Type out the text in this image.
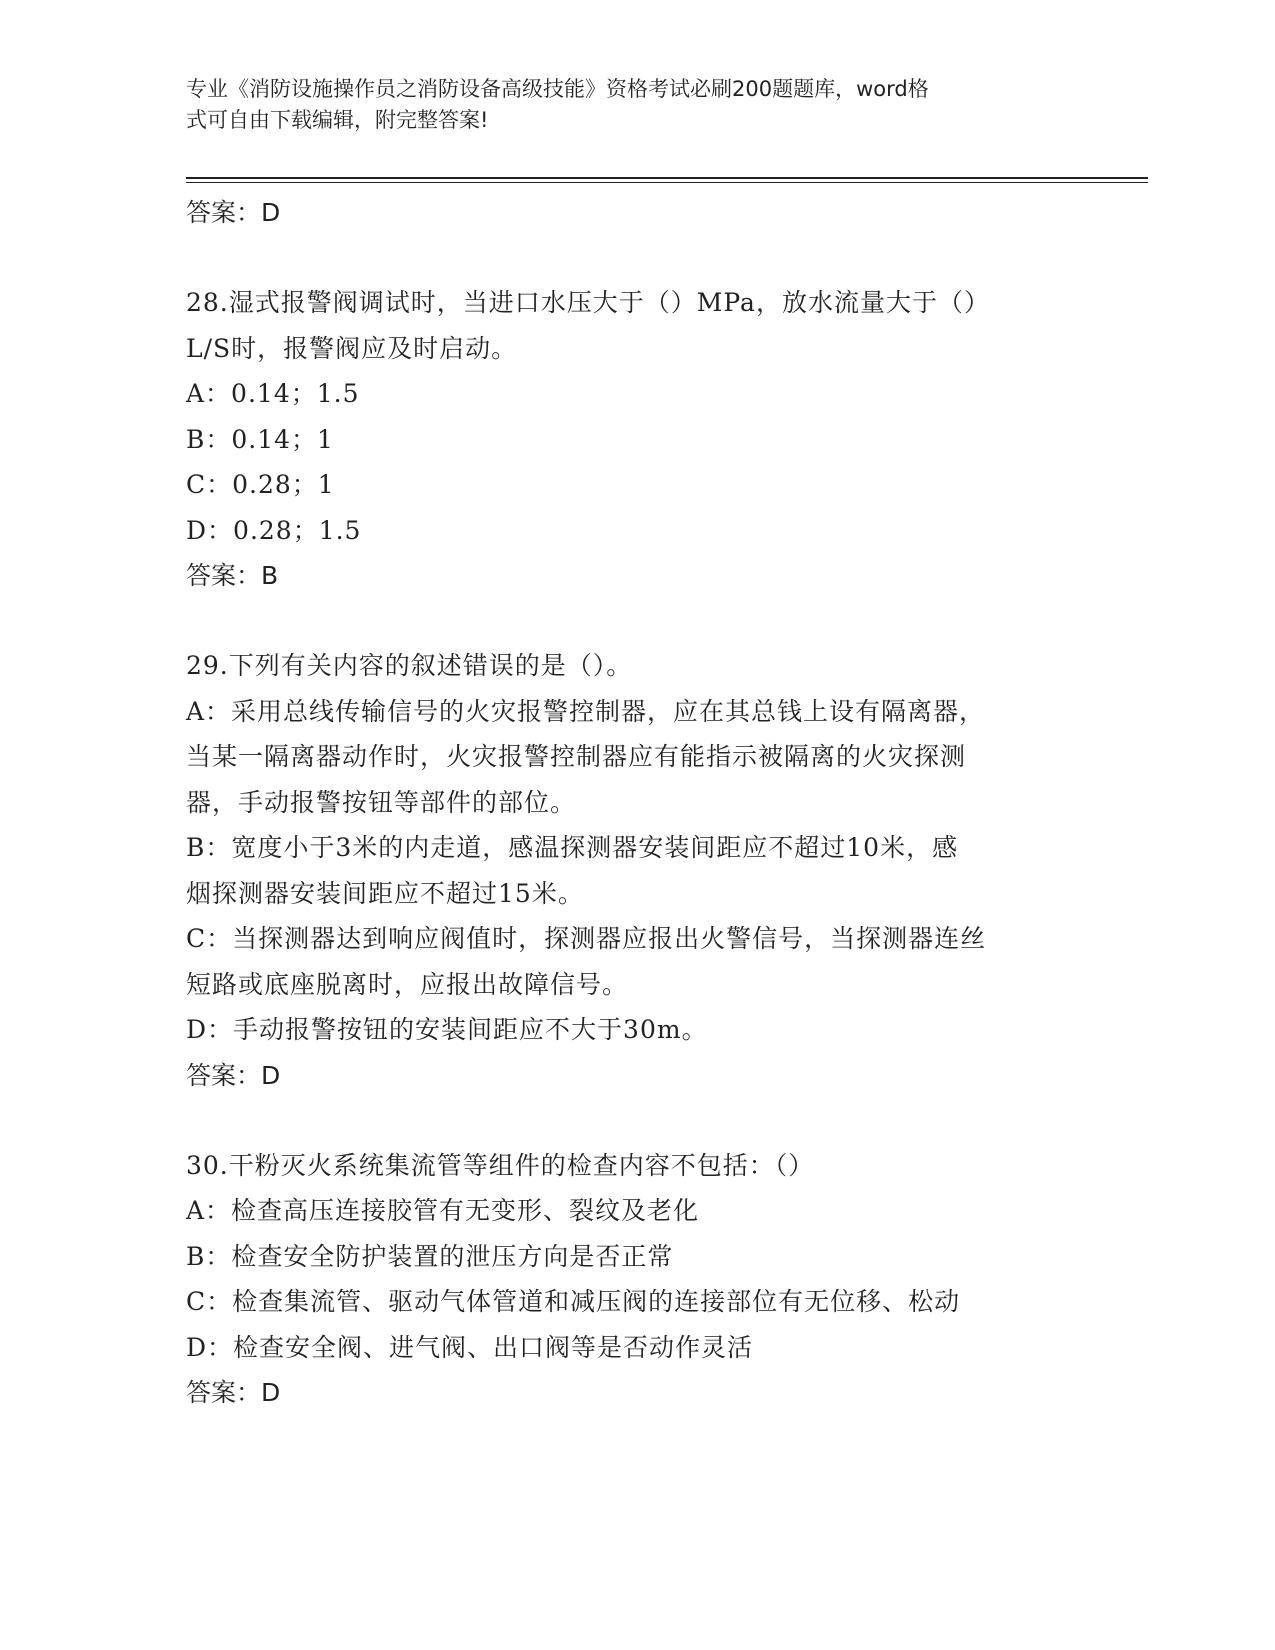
专业《消防设施操作员之消防设备高级技能》资格考试必刷200题题库，word格
式可自由下载编辑，附完整答案!
答案：D
28.湿式报警阀调试时，当进口水压大于（）MPa，放水流量大于（）
L/S时，报警阀应及时启动。
A：0.14；1.5
B：0.14；1
C：0.28；1
D：0.28；1.5
答案：B
29.下列有关内容的叙述错误的是（）。
A：采用总线传输信号的火灾报警控制器，应在其总钱上设有隔离器，
当某一隔离器动作时，火灾报警控制器应有能指示被隔离的火灾探测
器，手动报警按钮等部件的部位。
B：宽度小于3米的内走道，感温探测器安装间距应不超过10米，感
烟探测器安装间距应不超过15米。
C：当探测器达到响应阀值时，探测器应报出火警信号，当探测器连丝
短路或底座脱离时，应报出故障信号。
D：手动报警按钮的安装间距应不大于30m。
答案：D
30.干粉灭火系统集流管等组件的检查内容不包括：（）
A：检查高压连接胶管有无变形、裂纹及老化
B：检查安全防护装置的泄压方向是否正常
C：检查集流管、驱动气体管道和减压阀的连接部位有无位移、松动
D：检查安全阀、进气阀、出口阀等是否动作灵活
答案：D
